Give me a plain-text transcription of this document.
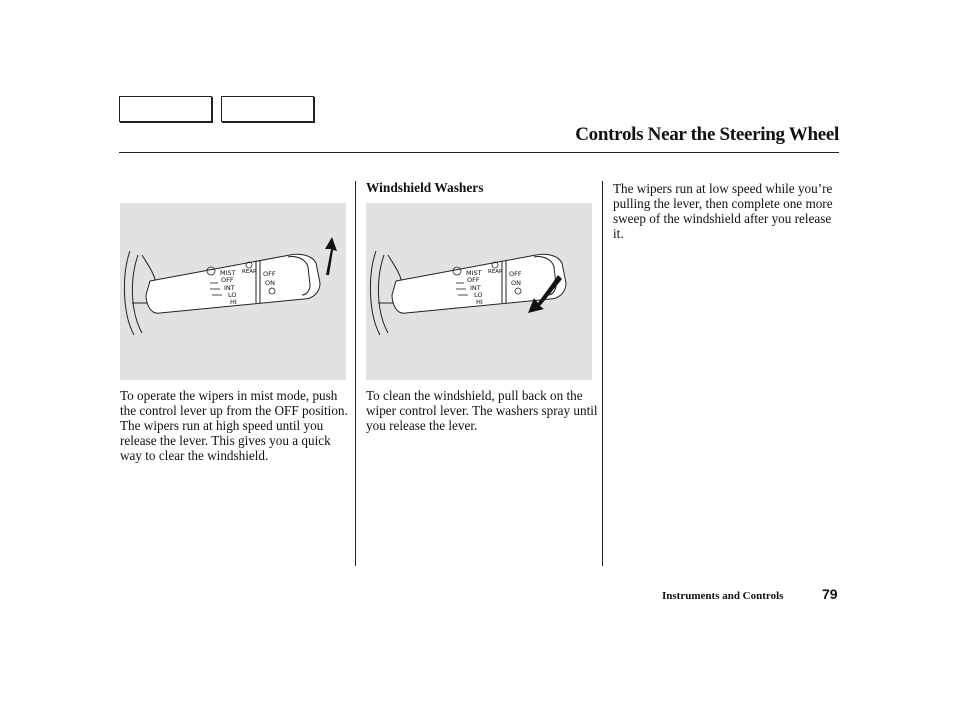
Controls Near the Steering Wheel
MIST
OFF
INT
LO
HI
REAR OFF
ON
MIST
OFF
INT
LO
HI
REAR OFF
ON

To operate the wipers in mist mode, push the control lever up from the OFF position. The wipers run at high speed until you release the lever. This gives you a quick way to clear the windshield.

Windshield Washers

To clean the windshield, pull back on the wiper control lever. The washers spray until you release the lever.

The wipers run at low speed while you’re pulling the lever, then complete one more sweep of the windshield after you release it.

Instruments and Controls	79
